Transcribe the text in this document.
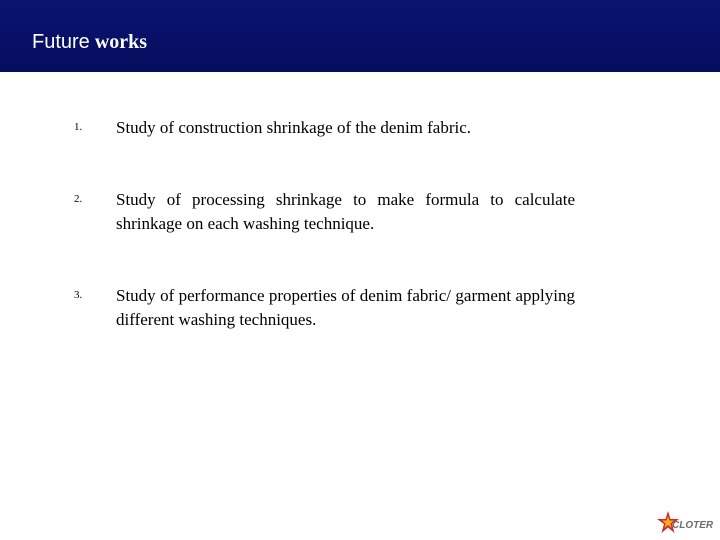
Future works
1. Study of construction shrinkage of the denim fabric.
2. Study of processing shrinkage to make formula to calculate shrinkage on each washing technique.
3. Study of performance properties of denim fabric/ garment applying different washing techniques.
CLOTER
